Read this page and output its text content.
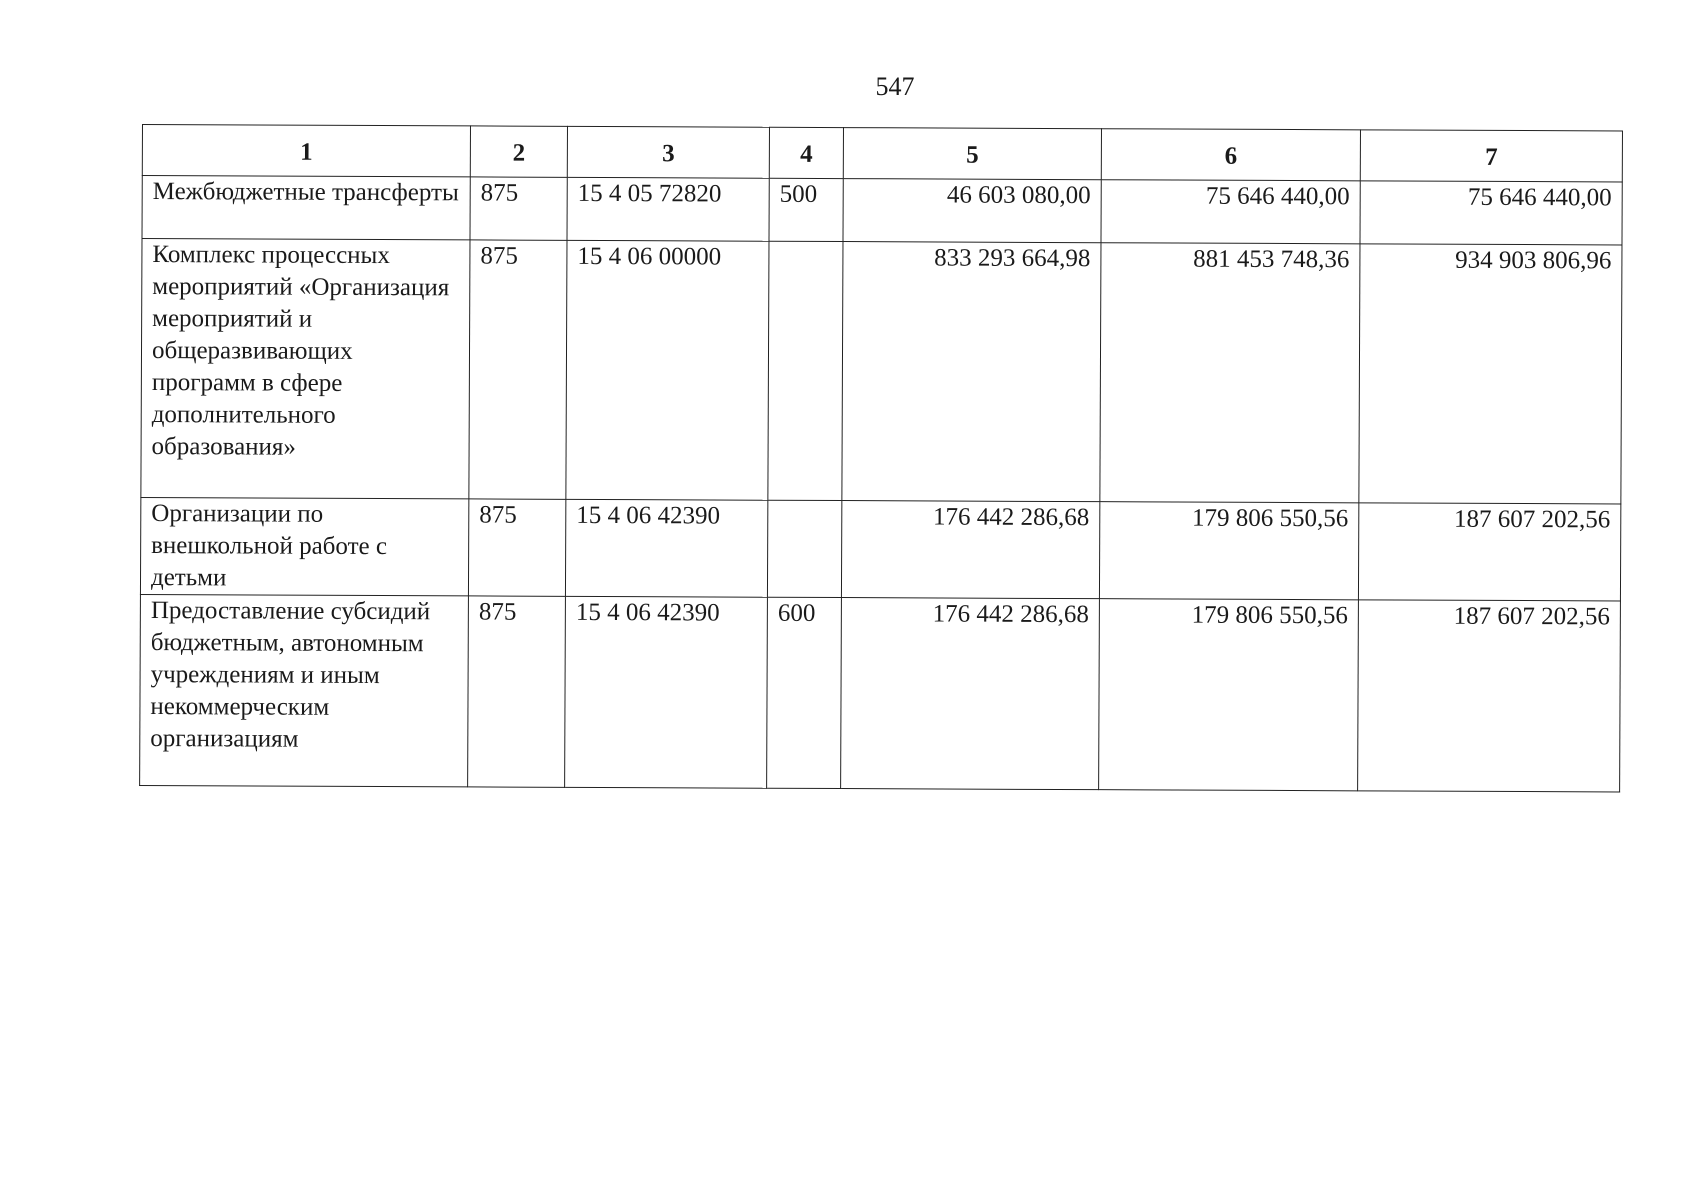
547
1	2	3	4	5	6	7
Межбюджетные трансферты	875	15 4 05 72820	500	46 603 080,00	75 646 440,00	75 646 440,00
Комплекс процессных мероприятий «Организация мероприятий и общеразвивающих программ в сфере дополнительного образования»	875	15 4 06 00000		833 293 664,98	881 453 748,36	934 903 806,96
Организации по внешкольной работе с детьми	875	15 4 06 42390		176 442 286,68	179 806 550,56	187 607 202,56
Предоставление субсидий бюджетным, автономным учреждениям и иным некоммерческим организациям	875	15 4 06 42390	600	176 442 286,68	179 806 550,56	187 607 202,56
